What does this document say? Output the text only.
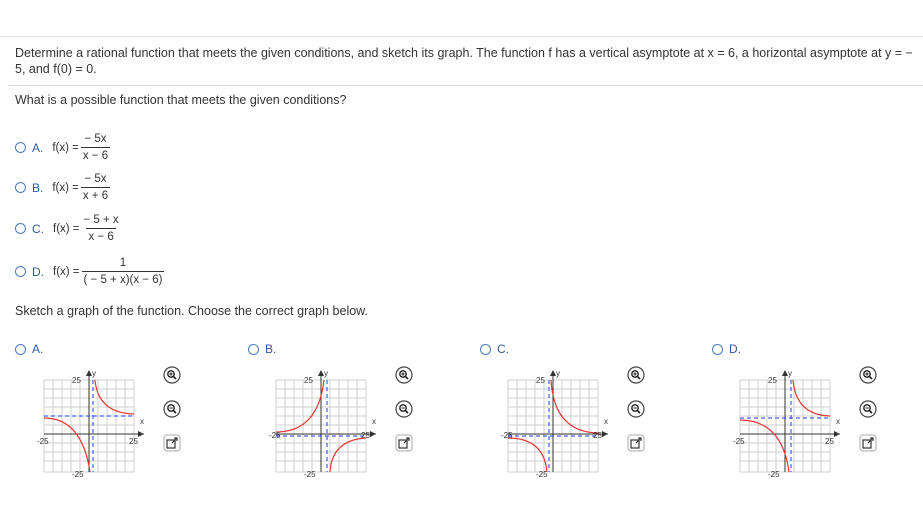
Determine a rational function that meets the given conditions, and sketch its graph. The function f has a vertical asymptote at x = 6, a horizontal asymptote at y = − 5, and f(0) = 0.
What is a possible function that meets the given conditions?
A. $f(x) = \frac{- 5x}{x - 6}$
B. $f(x) = \frac{- 5x}{x + 6}$
C. $f(x) = \frac{- 5 + x}{x - 6}$
D. $f(x) = \frac{1}{( - 5 + x)(x - 6)}$
Sketch a graph of the function. Choose the correct graph below.
A.	B.	C.	D.
y
x
25
-25
-25	25
y
x
25
-25
-25	25
y
x
25
-25
-25	25
y
x
25
-25
-25	25
